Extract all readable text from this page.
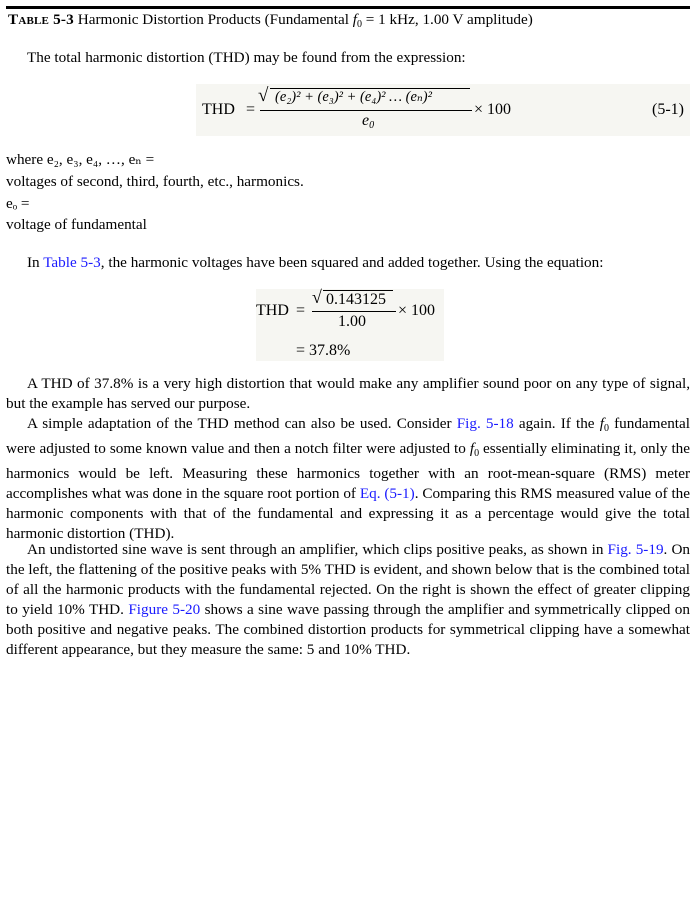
Table 5-3 Harmonic Distortion Products (Fundamental $f_0 = 1$ kHz, 1.00 V amplitude)
The total harmonic distortion (THD) may be found from the expression:
THD =
√ (e₂)² + (e₃)² + (e₄)² … (eₙ)²
$e_0$
× 100	(5-1)
where e₂, e₃, e₄, …, eₙ =
voltages of second, third, fourth, etc., harmonics.
eₒ =
voltage of fundamental
In Table 5-3, the harmonic voltages have been squared and added together. Using the equation:
THD =
√ 0.143125
1.00
× 100
= 37.8%
A THD of 37.8% is a very high distortion that would make any amplifier sound poor on any type of signal, but the example has served our purpose.
A simple adaptation of the THD method can also be used. Consider Fig. 5-18 again. If the $f_0$ fundamental were adjusted to some known value and then a notch filter were adjusted to $f_0$ essentially eliminating it, only the harmonics would be left. Measuring these harmonics together with an root-mean-square (RMS) meter accomplishes what was done in the square root portion of Eq. (5-1). Comparing this RMS measured value of the harmonic components with that of the fundamental and expressing it as a percentage would give the total harmonic distortion (THD).
An undistorted sine wave is sent through an amplifier, which clips positive peaks, as shown in Fig. 5-19. On the left, the flattening of the positive peaks with 5% THD is evident, and shown below that is the combined total of all the harmonic products with the fundamental rejected. On the right is shown the effect of greater clipping to yield 10% THD. Figure 5-20 shows a sine wave passing through the amplifier and symmetrically clipped on both positive and negative peaks. The combined distortion products for symmetrical clipping have a somewhat different appearance, but they measure the same: 5 and 10% THD.
